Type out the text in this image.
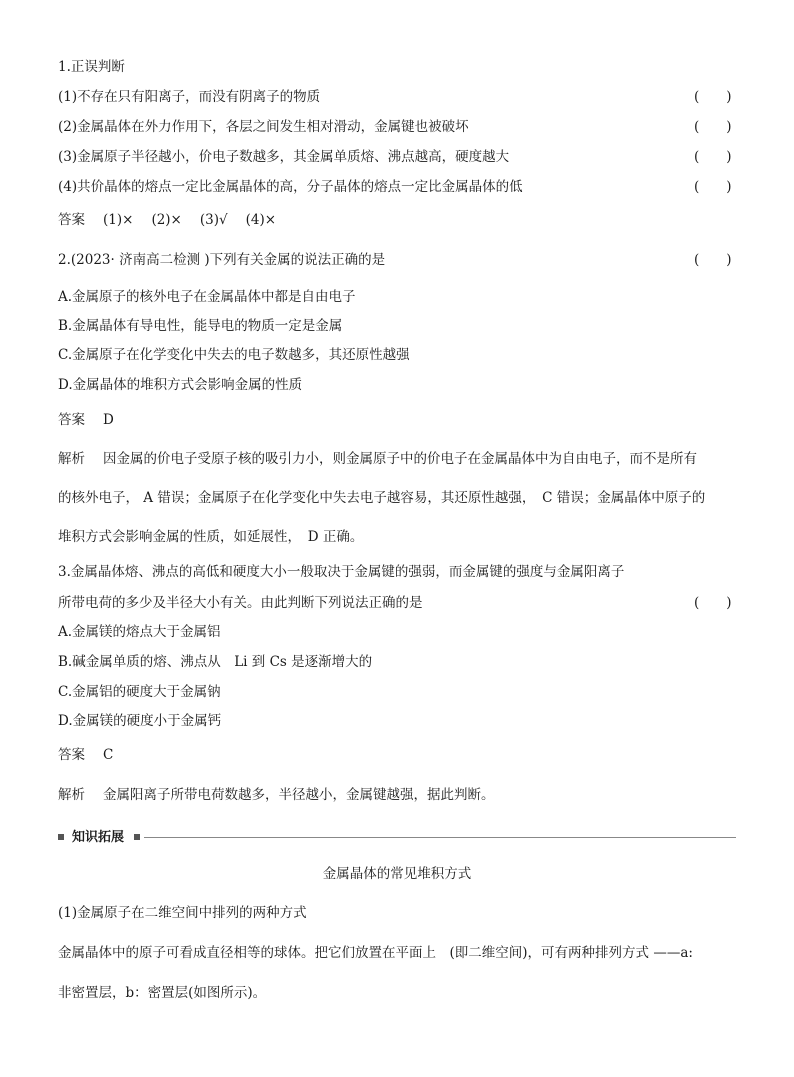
1.正误判断
(1)不存在只有阳离子，而没有阴离子的物质	(　　)
(2)金属晶体在外力作用下，各层之间发生相对滑动，金属键也被破坏	(　　)
(3)金属原子半径越小，价电子数越多，其金属单质熔、沸点越高，硬度越大	(　　)
(4)共价晶体的熔点一定比金属晶体的高，分子晶体的熔点一定比金属晶体的低	(　　)
答案 (1)× (2)× (3)√ (4)×
2.(2023· 济南高二检测 )下列有关金属的说法正确的是	(　　)
A.金属原子的核外电子在金属晶体中都是自由电子
B.金属晶体有导电性，能导电的物质一定是金属
C.金属原子在化学变化中失去的电子数越多，其还原性越强
D.金属晶体的堆积方式会影响金属的性质
答案 D
解析 因金属的价电子受原子核的吸引力小，则金属原子中的价电子在金属晶体中为自由电子，而不是所有
的核外电子， A 错误；金属原子在化学变化中失去电子越容易，其还原性越强，　C 错误；金属晶体中原子的
堆积方式会影响金属的性质，如延展性，　D 正确。
3.金属晶体熔、沸点的高低和硬度大小一般取决于金属键的强弱，而金属键的强度与金属阳离子
所带电荷的多少及半径大小有关。由此判断下列说法正确的是	(　　)
A.金属镁的熔点大于金属铝
B.碱金属单质的熔、沸点从　Li 到 Cs 是逐渐增大的
C.金属铝的硬度大于金属钠
D.金属镁的硬度小于金属钙
答案 C
解析 金属阳离子所带电荷数越多，半径越小，金属键越强，据此判断。
知识拓展
金属晶体的常见堆积方式
(1)金属原子在二维空间中排列的两种方式
金属晶体中的原子可看成直径相等的球体。把它们放置在平面上　(即二维空间)，可有两种排列方式 ——a:
非密置层，b：密置层(如图所示)。
